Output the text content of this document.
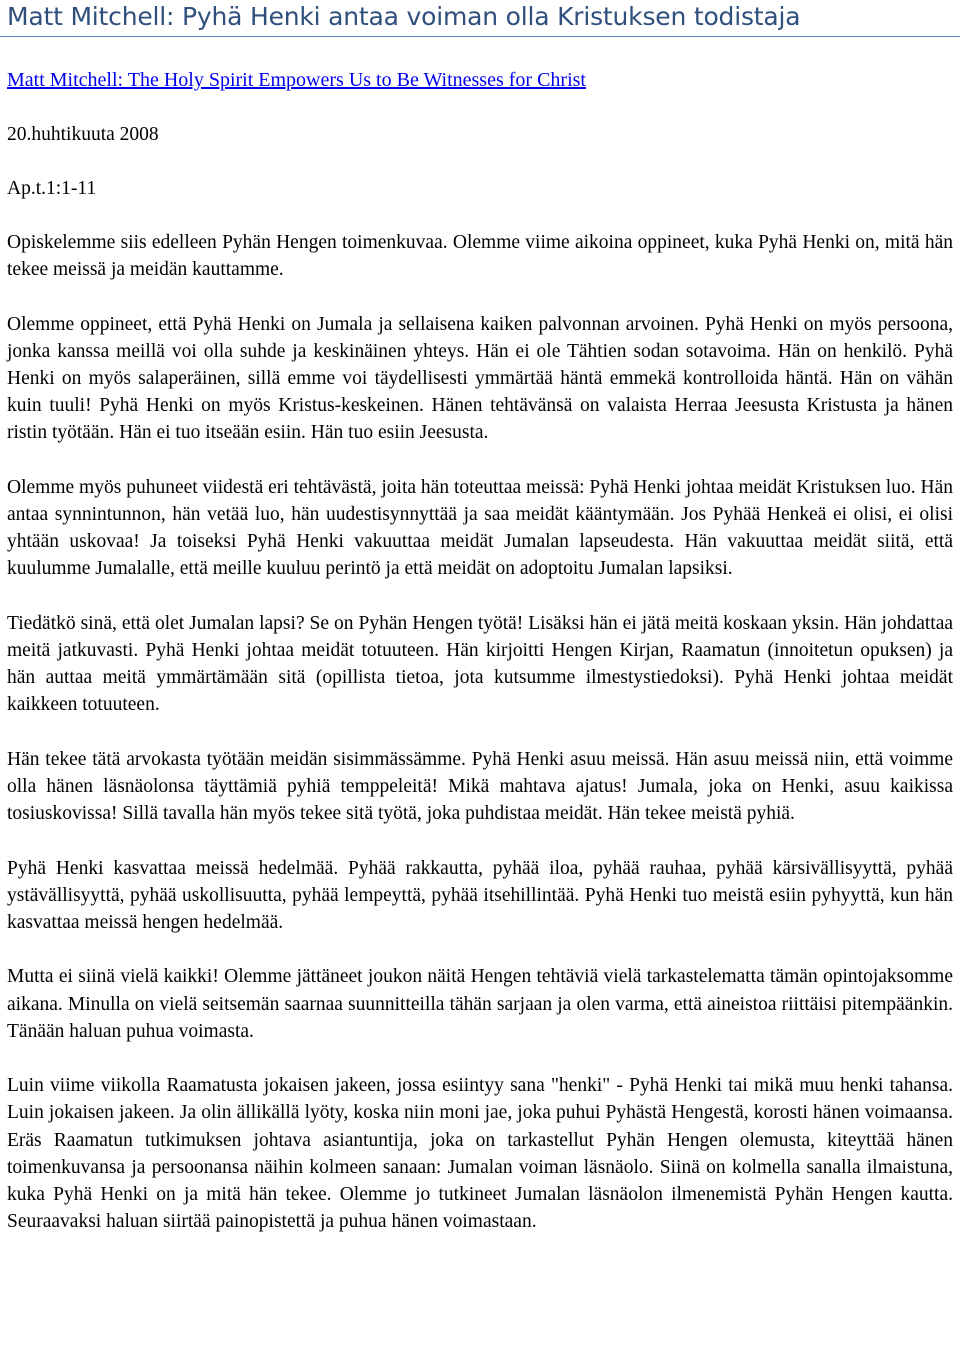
Matt Mitchell: Pyhä Henki antaa voiman olla Kristuksen todistaja
Matt Mitchell: The Holy Spirit Empowers Us to Be Witnesses for Christ

20.huhtikuuta 2008

Ap.t.1:1-11

Opiskelemme siis edelleen Pyhän Hengen toimenkuvaa. Olemme viime aikoina oppineet, kuka Pyhä Henki on, mitä hän tekee meissä ja meidän kauttamme.

Olemme oppineet, että Pyhä Henki on Jumala ja sellaisena kaiken palvonnan arvoinen. Pyhä Henki on myös persoona, jonka kanssa meillä voi olla suhde ja keskinäinen yhteys. Hän ei ole Tähtien sodan sotavoima. Hän on henkilö. Pyhä Henki on myös salaperäinen, sillä emme voi täydellisesti ymmärtää häntä emmekä kontrolloida häntä. Hän on vähän kuin tuuli! Pyhä Henki on myös Kristus-keskeinen. Hänen tehtävänsä on valaista Herraa Jeesusta Kristusta ja hänen ristin työtään. Hän ei tuo itseään esiin. Hän tuo esiin Jeesusta.

Olemme myös puhuneet viidestä eri tehtävästä, joita hän toteuttaa meissä: Pyhä Henki johtaa meidät Kristuksen luo. Hän antaa synnintunnon, hän vetää luo, hän uudestisynnyttää ja saa meidät kääntymään. Jos Pyhää Henkeä ei olisi, ei olisi yhtään uskovaa! Ja toiseksi Pyhä Henki vakuuttaa meidät Jumalan lapseudesta. Hän vakuuttaa meidät siitä, että kuulumme Jumalalle, että meille kuuluu perintö ja että meidät on adoptoitu Jumalan lapsiksi.

Tiedätkö sinä, että olet Jumalan lapsi? Se on Pyhän Hengen työtä! Lisäksi hän ei jätä meitä koskaan yksin. Hän johdattaa meitä jatkuvasti. Pyhä Henki johtaa meidät totuuteen. Hän kirjoitti Hengen Kirjan, Raamatun (innoitetun opuksen) ja hän auttaa meitä ymmärtämään sitä (opillista tietoa, jota kutsumme ilmestystiedoksi). Pyhä Henki johtaa meidät kaikkeen totuuteen.

Hän tekee tätä arvokasta työtään meidän sisimmässämme. Pyhä Henki asuu meissä. Hän asuu meissä niin, että voimme olla hänen läsnäolonsa täyttämiä pyhiä temppeleitä! Mikä mahtava ajatus! Jumala, joka on Henki, asuu kaikissa tosiuskovissa! Sillä tavalla hän myös tekee sitä työtä, joka puhdistaa meidät. Hän tekee meistä pyhiä.

Pyhä Henki kasvattaa meissä hedelmää. Pyhää rakkautta, pyhää iloa, pyhää rauhaa, pyhää kärsivällisyyttä, pyhää ystävällisyyttä, pyhää uskollisuutta, pyhää lempeyttä, pyhää itsehillintää. Pyhä Henki tuo meistä esiin pyhyyttä, kun hän kasvattaa meissä hengen hedelmää.

Mutta ei siinä vielä kaikki! Olemme jättäneet joukon näitä Hengen tehtäviä vielä tarkastelematta tämän opintojaksomme aikana. Minulla on vielä seitsemän saarnaa suunnitteilla tähän sarjaan ja olen varma, että aineistoa riittäisi pitempäänkin. Tänään haluan puhua voimasta.

Luin viime viikolla Raamatusta jokaisen jakeen, jossa esiintyy sana "henki" - Pyhä Henki tai mikä muu henki tahansa. Luin jokaisen jakeen. Ja olin ällikällä lyöty, koska niin moni jae, joka puhui Pyhästä Hengestä, korosti hänen voimaansa. Eräs Raamatun tutkimuksen johtava asiantuntija, joka on tarkastellut Pyhän Hengen olemusta, kiteyttää hänen toimenkuvansa ja persoonansa näihin kolmeen sanaan: Jumalan voiman läsnäolo. Siinä on kolmella sanalla ilmaistuna, kuka Pyhä Henki on ja mitä hän tekee. Olemme jo tutkineet Jumalan läsnäolon ilmenemistä Pyhän Hengen kautta. Seuraavaksi haluan siirtää painopistettä ja puhua hänen voimastaan.
